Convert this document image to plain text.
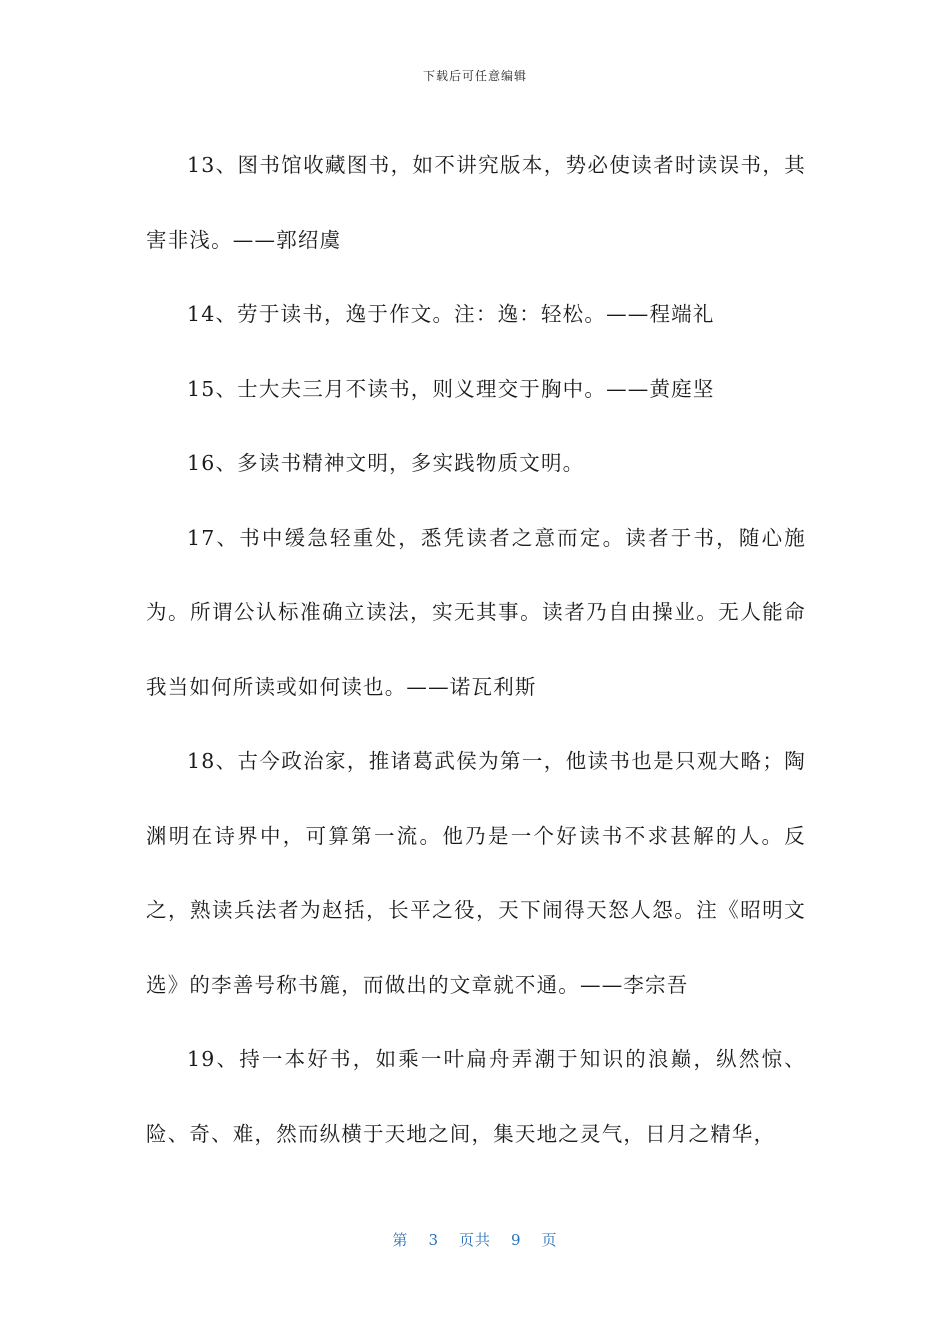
下载后可任意编辑

13、图书馆收藏图书，如不讲究版本，势必使读者时读误书，其害非浅。——郭绍虞

14、劳于读书，逸于作文。注：逸：轻松。——程端礼

15、士大夫三月不读书，则义理交于胸中。——黄庭坚

16、多读书精神文明，多实践物质文明。

17、书中缓急轻重处，悉凭读者之意而定。读者于书，随心施为。所谓公认标准确立读法，实无其事。读者乃自由操业。无人能命我当如何所读或如何读也。——诺瓦利斯

18、古今政治家，推诸葛武侯为第一，他读书也是只观大略；陶渊明在诗界中，可算第一流。他乃是一个好读书不求甚解的人。反之，熟读兵法者为赵括，长平之役，天下闹得天怒人怨。注《昭明文选》的李善号称书簏，而做出的文章就不通。——李宗吾

19、持一本好书，如乘一叶扁舟弄潮于知识的浪巅，纵然惊、险、奇、难，然而纵横于天地之间，集天地之灵气，日月之精华，

第 3 页共 9 页
